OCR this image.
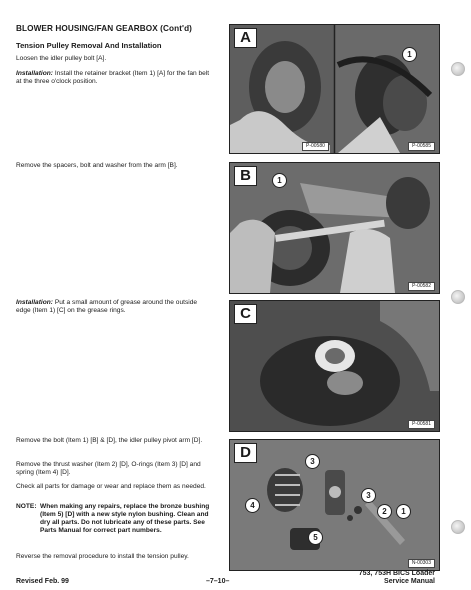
BLOWER HOUSING/FAN GEARBOX (Cont'd)
Tension Pulley Removal And Installation
Loosen the idler pulley bolt [A].
Installation: Install the retainer bracket (Item 1) [A] for the fan belt at the three o'clock position.
Remove the spacers, bolt and washer from the arm [B].
Installation: Put a small amount of grease around the outside edge (Item 1) [C] on the grease rings.
Remove the bolt (Item 1) [B] & [D], the idler pulley pivot arm [D].
Remove the thrust washer (Item 2) [D], O-rings (Item 3) [D] and spring (Item 4) [D].
Check all parts for damage or wear and replace them as needed.
NOTE: When making any repairs, replace the bronze bushing (Item 5) [D] with a new style nylon bushing. Clean and dry all parts. Do not lubricate any of these parts. See Parts Manual for correct part numbers.
Reverse the removal procedure to install the tension pulley.
A
1
P-00580	P-00585
B	1
P-00582
C
P-00581
D
3
4
3
2	1
5
N-00303
Revised Feb. 99	–7–10–
753, 753H BICS Loader
Service Manual
